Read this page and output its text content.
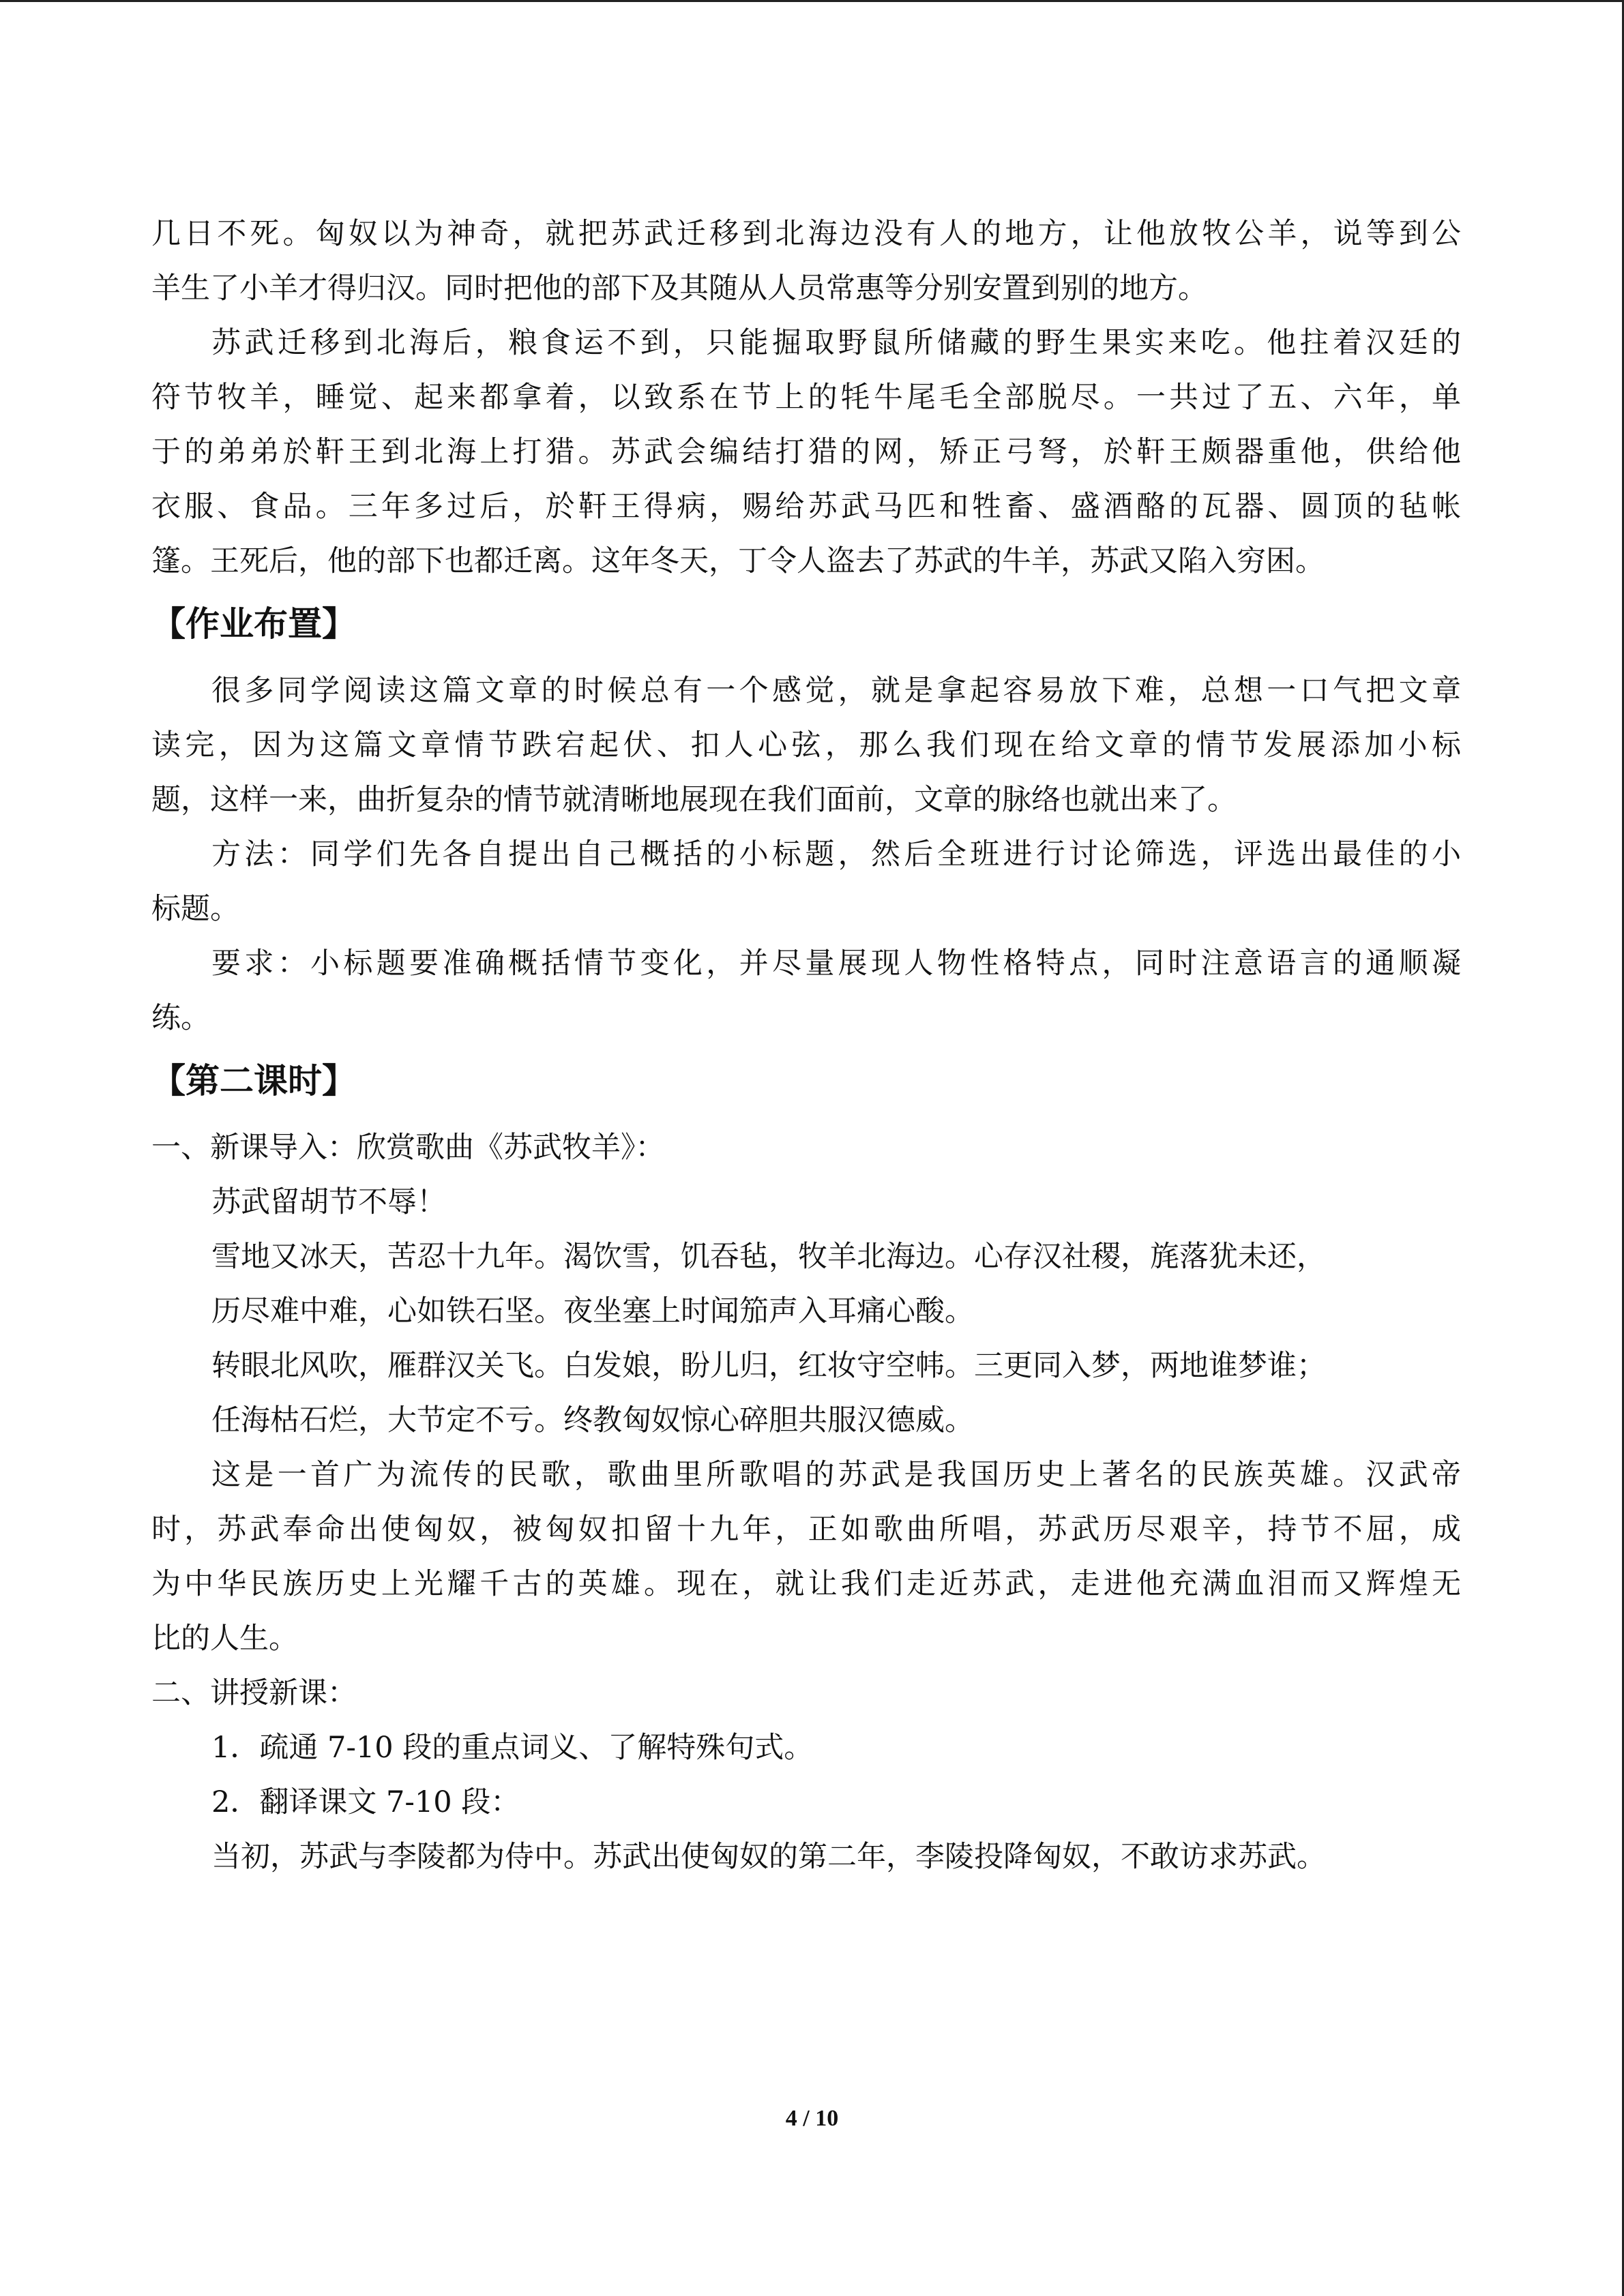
几日不死。匈奴以为神奇，就把苏武迁移到北海边没有人的地方，让他放牧公羊，说等到公
羊生了小羊才得归汉。同时把他的部下及其随从人员常惠等分别安置到别的地方。
苏武迁移到北海后，粮食运不到，只能掘取野鼠所储藏的野生果实来吃。他拄着汉廷的
符节牧羊，睡觉、起来都拿着，以致系在节上的牦牛尾毛全部脱尽。一共过了五、六年，单
于的弟弟於靬王到北海上打猎。苏武会编结打猎的网，矫正弓弩，於靬王颇器重他，供给他
衣服、食品。三年多过后，於靬王得病，赐给苏武马匹和牲畜、盛酒酪的瓦器、圆顶的毡帐
篷。王死后，他的部下也都迁离。这年冬天，丁令人盗去了苏武的牛羊，苏武又陷入穷困。
【作业布置】
很多同学阅读这篇文章的时候总有一个感觉，就是拿起容易放下难，总想一口气把文章
读完，因为这篇文章情节跌宕起伏、扣人心弦，那么我们现在给文章的情节发展添加小标
题，这样一来，曲折复杂的情节就清晰地展现在我们面前，文章的脉络也就出来了。
方法：同学们先各自提出自己概括的小标题，然后全班进行讨论筛选，评选出最佳的小
标题。
要求：小标题要准确概括情节变化，并尽量展现人物性格特点，同时注意语言的通顺凝
练。
【第二课时】
一、新课导入：欣赏歌曲《苏武牧羊》：
苏武留胡节不辱！
雪地又冰天，苦忍十九年。渴饮雪，饥吞毡，牧羊北海边。心存汉社稷，旄落犹未还，
历尽难中难，心如铁石坚。夜坐塞上时闻笳声入耳痛心酸。
转眼北风吹，雁群汉关飞。白发娘，盼儿归，红妆守空帏。三更同入梦，两地谁梦谁；
任海枯石烂，大节定不亏。终教匈奴惊心碎胆共服汉德威。
这是一首广为流传的民歌，歌曲里所歌唱的苏武是我国历史上著名的民族英雄。汉武帝
时，苏武奉命出使匈奴，被匈奴扣留十九年，正如歌曲所唱，苏武历尽艰辛，持节不屈，成
为中华民族历史上光耀千古的英雄。现在，就让我们走近苏武，走进他充满血泪而又辉煌无
比的人生。
二、讲授新课：
1．疏通 7-10 段的重点词义、了解特殊句式。
2．翻译课文 7-10 段：
当初，苏武与李陵都为侍中。苏武出使匈奴的第二年，李陵投降匈奴，不敢访求苏武。
4 / 10
